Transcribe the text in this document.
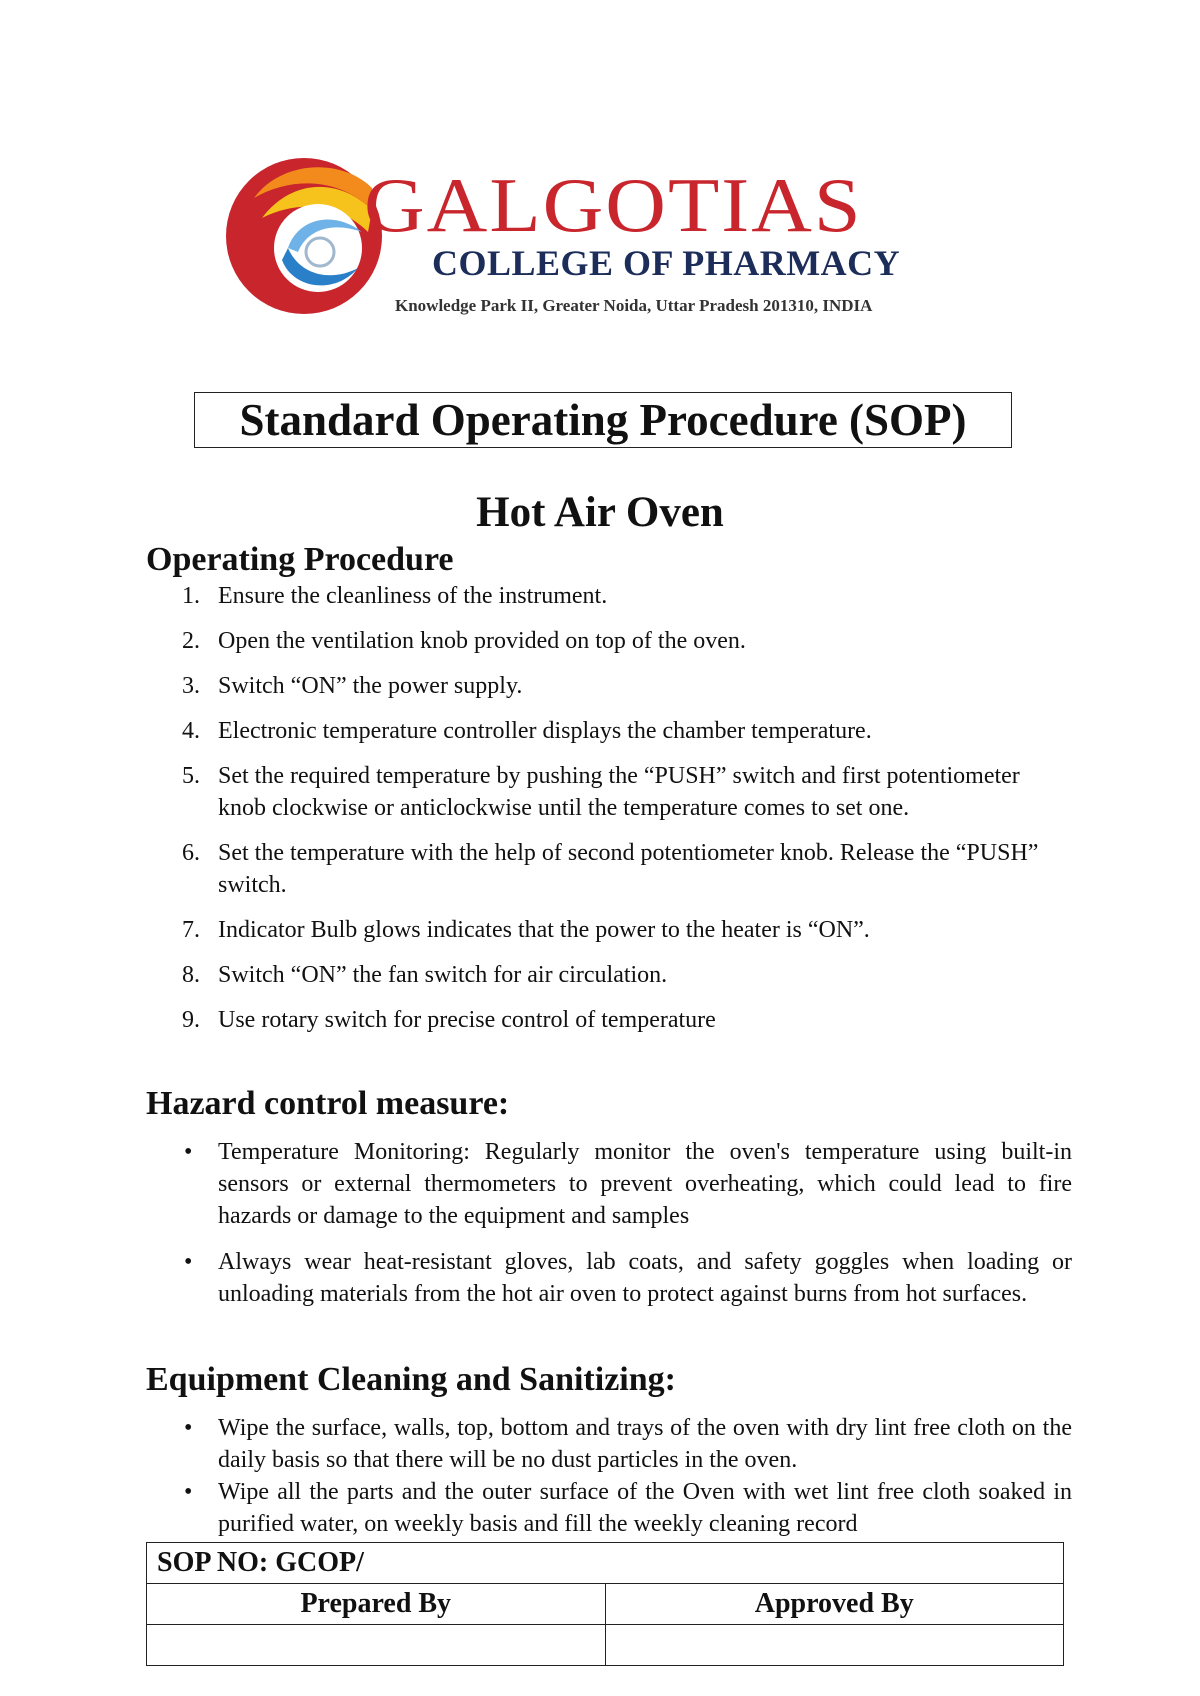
GALGOTIAS
COLLEGE OF PHARMACY
Knowledge Park II, Greater Noida, Uttar Pradesh 201310, INDIA
Standard Operating Procedure (SOP)
Hot Air Oven
Operating Procedure
1. Ensure the cleanliness of the instrument.
2. Open the ventilation knob provided on top of the oven.
3. Switch “ON” the power supply.
4. Electronic temperature controller displays the chamber temperature.
5. Set the required temperature by pushing the “PUSH” switch and first potentiometer knob clockwise or anticlockwise until the temperature comes to set one.
6. Set the temperature with the help of second potentiometer knob. Release the “PUSH” switch.
7. Indicator Bulb glows indicates that the power to the heater is “ON”.
8. Switch “ON” the fan switch for air circulation.
9. Use rotary switch for precise control of temperature
Hazard control measure:
• Temperature Monitoring: Regularly monitor the oven's temperature using built-in sensors or external thermometers to prevent overheating, which could lead to fire hazards or damage to the equipment and samples
• Always wear heat-resistant gloves, lab coats, and safety goggles when loading or unloading materials from the hot air oven to protect against burns from hot surfaces.
Equipment Cleaning and Sanitizing:
• Wipe the surface, walls, top, bottom and trays of the oven with dry lint free cloth on the daily basis so that there will be no dust particles in the oven.
• Wipe all the parts and the outer surface of the Oven with wet lint free cloth soaked in purified water, on weekly basis and fill the weekly cleaning record
SOP NO: GCOP/	
Prepared By	Approved By
